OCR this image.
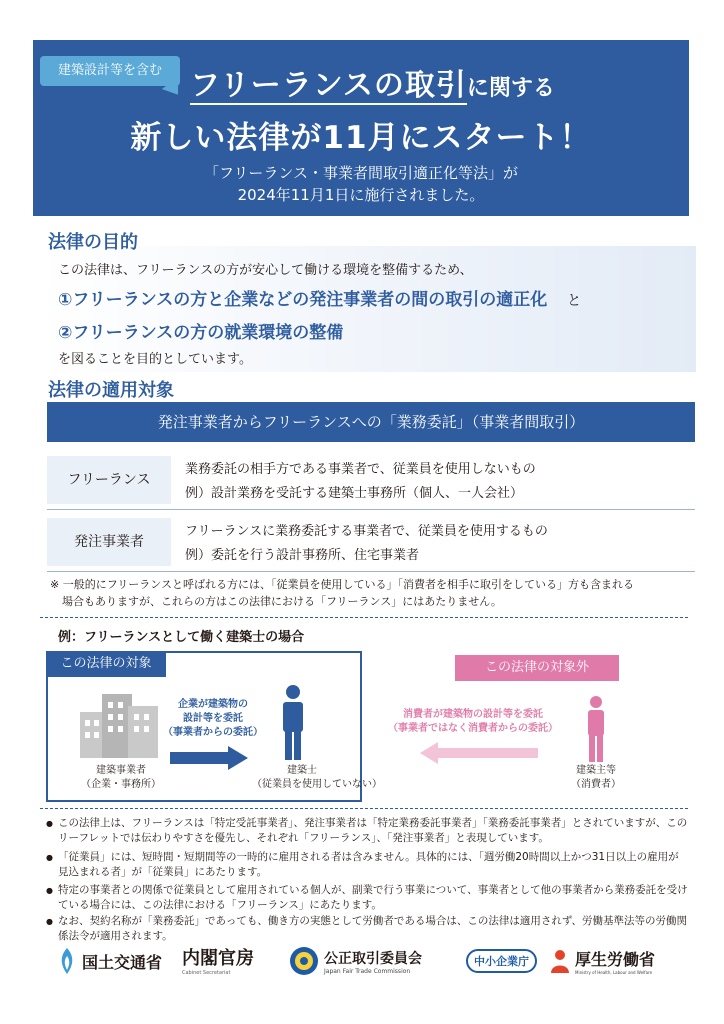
建築設計等を含む フリーランスの取引に関する
新しい法律が11月にスタート！
「フリーランス・事業者間取引適正化等法」が
2024年11月1日に施行されました。
法律の目的
この法律は、フリーランスの方が安心して働ける環境を整備するため、
①フリーランスの方と企業などの発注事業者の間の取引の適正化 と
②フリーランスの方の就業環境の整備
を図ることを目的としています。
法律の適用対象
発注事業者からフリーランスへの「業務委託」（事業者間取引）
フリーランス
業務委託の相手方である事業者で、従業員を使用しないもの
例）設計業務を受託する建築士事務所（個人、一人会社）
発注事業者
フリーランスに業務委託する事業者で、従業員を使用するもの
例）委託を行う設計事務所、住宅事業者
※ 一般的にフリーランスと呼ばれる方には、「従業員を使用している」「消費者を相手に取引をしている」方も含まれる
場合もありますが、これらの方はこの法律における「フリーランス」にはあたりません。
例：フリーランスとして働く建築士の場合
この法律の対象
建築事業者
（企業・事務所）
企業が建築物の
設計等を委託
（事業者からの委託）
建築士
（従業員を使用していない）
この法律の対象外
消費者が建築物の設計等を委託
（事業者ではなく消費者からの委託）
建築主等
（消費者）
● この法律上は、フリーランスは「特定受託事業者」、発注事業者は「特定業務委託事業者」「業務委託事業者」とされていますが、このリーフレットでは伝わりやすさを優先し、それぞれ「フリーランス」、「発注事業者」と表現しています。
● 「従業員」には、短時間・短期間等の一時的に雇用される者は含みません。具体的には、「週労働20時間以上かつ31日以上の雇用が見込まれる者」が「従業員」にあたります。
● 特定の事業者との関係で従業員として雇用されている個人が、副業で行う事業について、事業者として他の事業者から業務委託を受けている場合には、この法律における「フリーランス」にあたります。
● なお、契約名称が「業務委託」であっても、働き方の実態として労働者である場合は、この法律は適用されず、労働基準法等の労働関係法令が適用されます。
国土交通省 内閣官房
Cabinet Secretariat
公正取引委員会
Japan Fair Trade Commission
中小企業庁	厚生労働省
Ministry of Health, Labour and Welfare
